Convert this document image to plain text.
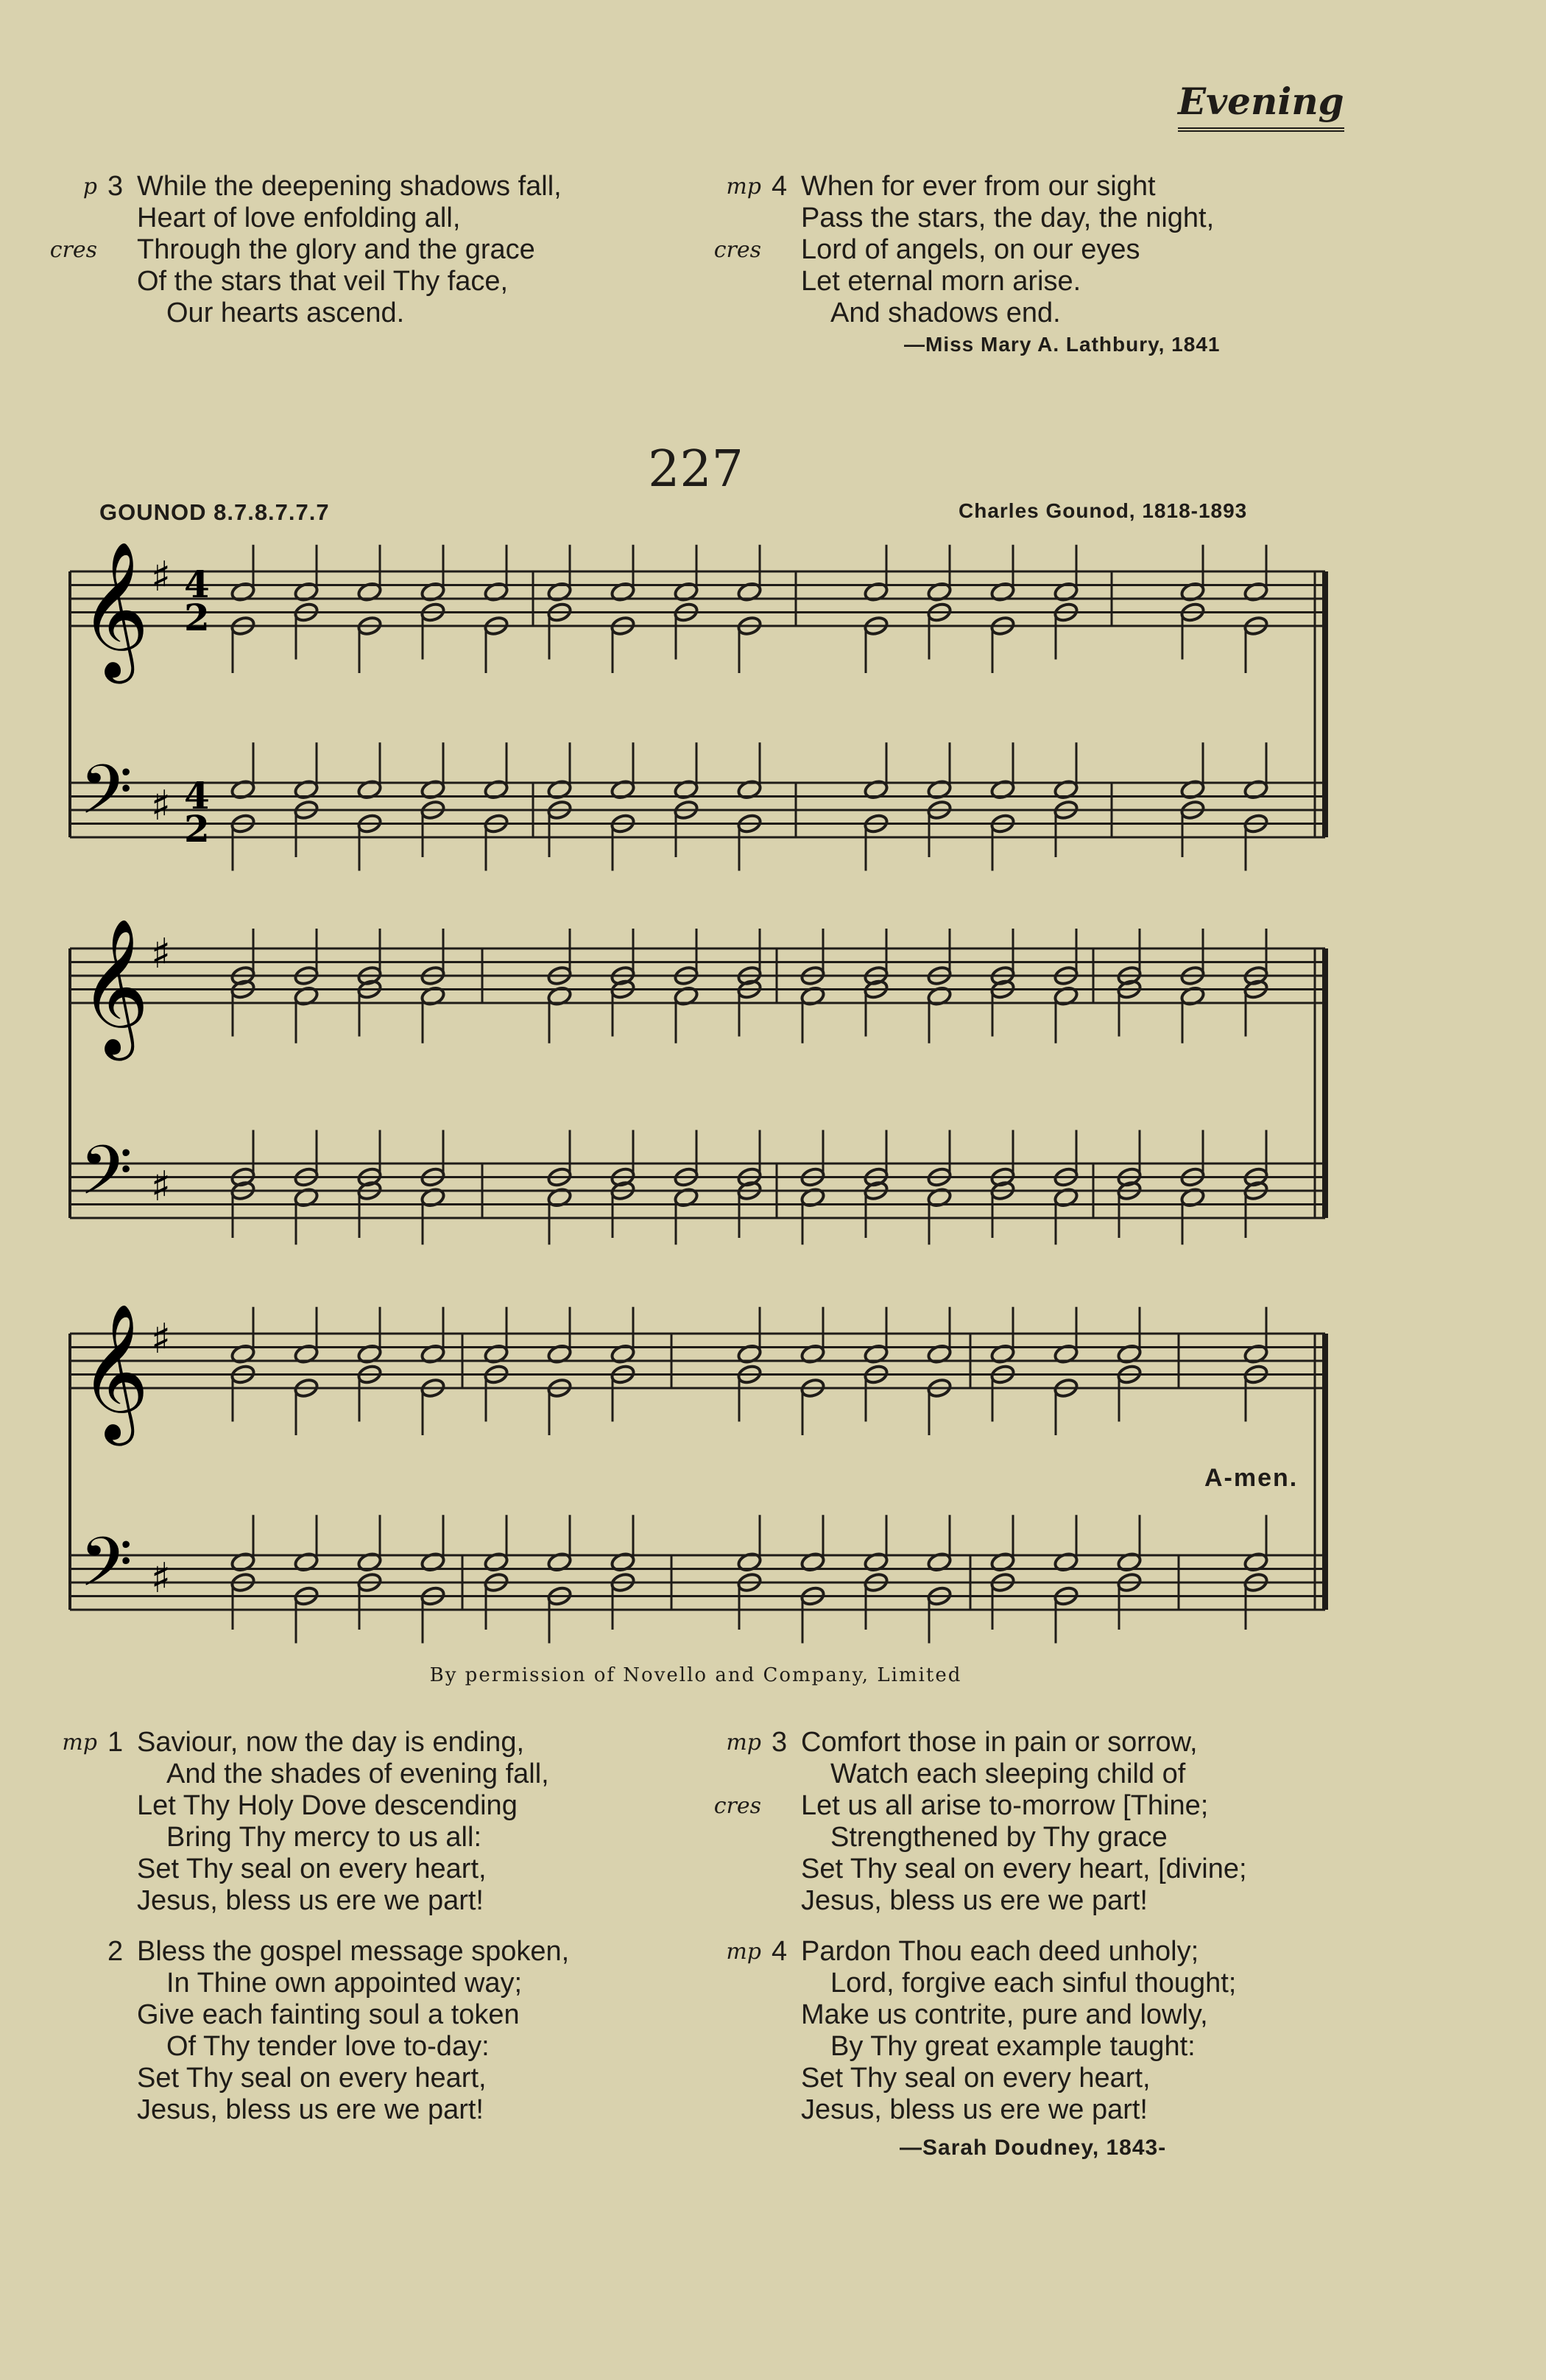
Evening
p 3 While the deepening shadows fall,
Heart of love enfolding all,
cres	Through the glory and the grace
Of the stars that veil Thy face,
Our hearts ascend.
mp 4 When for ever from our sight
Pass the stars, the day, the night,
cres	Lord of angels, on our eyes
Let eternal morn arise.
And shadows end.
—Miss Mary A. Lathbury, 1841
227
GOUNOD 8.7.8.7.7.7	Charles Gounod, 1818-1893
♯
𝄞 4
2
♯
𝄢 4
2
♯
𝄞
♯
𝄢
♯
𝄞
♯
𝄢
A-men.
By permission of Novello and Company, Limited
mp 1 Saviour, now the day is ending,
And the shades of evening fall,
Let Thy Holy Dove descending
Bring Thy mercy to us all:
Set Thy seal on every heart,
Jesus, bless us ere we part!
2 Bless the gospel message spoken,
In Thine own appointed way;
Give each fainting soul a token
Of Thy tender love to-day:
Set Thy seal on every heart,
Jesus, bless us ere we part!
mp 3 Comfort those in pain or sorrow,
Watch each sleeping child of
cres	Let us all arise to-morrow [Thine;
Strengthened by Thy grace
Set Thy seal on every heart, [divine;
Jesus, bless us ere we part!
mp 4 Pardon Thou each deed unholy;
Lord, forgive each sinful thought;
Make us contrite, pure and lowly,
By Thy great example taught:
Set Thy seal on every heart,
Jesus, bless us ere we part!
—Sarah Doudney, 1843-
